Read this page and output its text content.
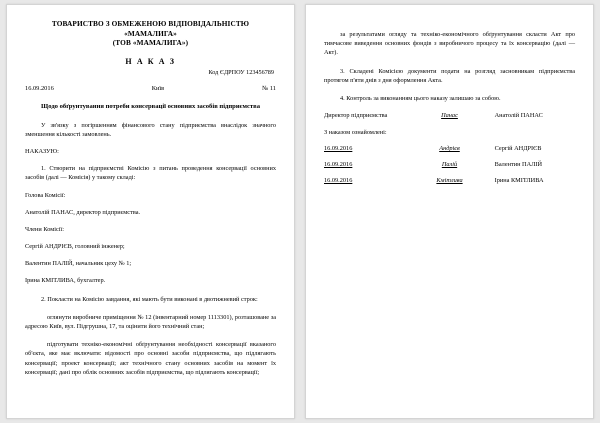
ТОВАРИСТВО З ОБМЕЖЕНОЮ ВІДПОВІДАЛЬНІСТЮ
«МАМАЛИГА»
(ТОВ «МАМАЛИГА»)
Н А К А З
Код ЄДРПОУ 123456789
16.09.2016	Київ	№ 11
Щодо обґрунтування потреби консервації основних засобів підприємства
У зв'язку з погіршенням фінансового стану підприємства внаслідок значного зменшення кількості замовлень.
НАКАЗУЮ:
1. Створити на підприємстві Комісію з питань проведення консервації основних засобів (далі — Комісія) у такому складі:
Голова Комісії:
Анатолій ПАНАС, директор підприємства.
Члени Комісії:
Сергій АНДРІЄВ, головний інженер;
Валентин ПАЛІЙ, начальник цеху № 1;
Ірина КМІТЛИВА, бухгалтер.
2. Покласти на Комісію завдання, які мають бути виконані в двотижневий строк:
оглянути виробниче приміщення № 12 (інвентарний номер 1113301), розташоване за адресою Київ, вул. Підгрушна, 17, та оцінити його технічний стан;
підготувати техніко-економічні обґрунтування необхідності консервації вказаного об'єкта, яке має включати: відомості про основні засоби підприємства, що підлягають консервації; проект консервації; акт технічного стану основних засобів на момент їх консервації; дані про облік основних засобів підприємства, що підлягають консервації;
за результатами огляду та техніко-економічного обґрунтування скласти Акт про тимчасове виведення основних фондів з виробничого процесу та їх консервацію (далі — Акт).
3. Складені Комісією документи подати на розгляд засновникам підприємства протягом п'яти днів з дня оформлення Акта.
4. Контроль за виконанням цього наказу залишаю за собою.
Директор підприємства	Панас	Анатолій ПАНАС
З наказом ознайомлені:
16.09.2016	Андрієв	Сергій АНДРІЄВ
16.09.2016	Палій	Валентин ПАЛІЙ
16.09.2016	Кмітлива	Ірина КМІТЛИВА
